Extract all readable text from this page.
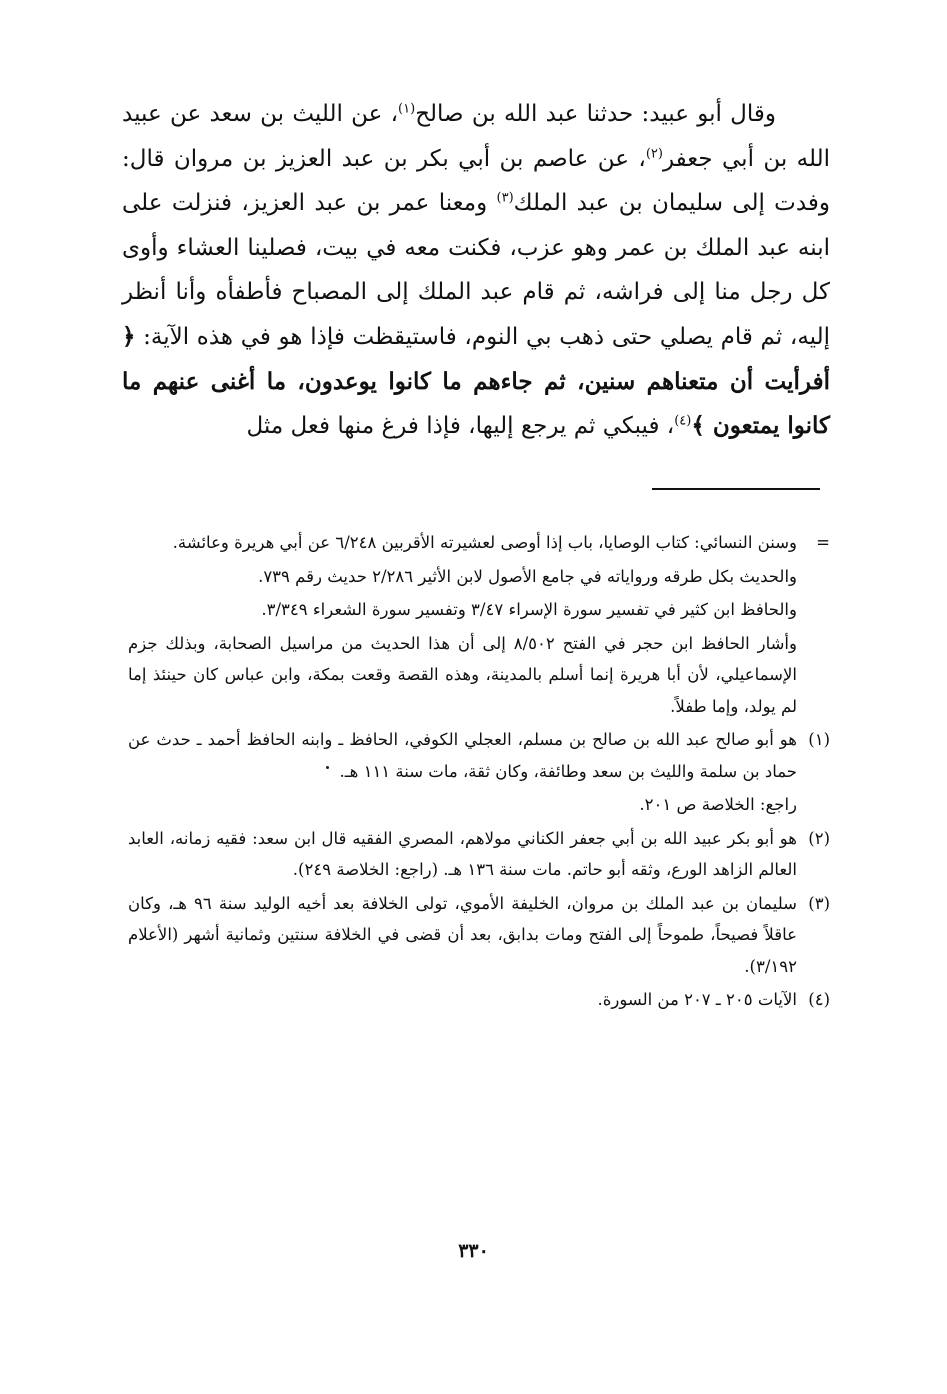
وقال أبو عبيد: حدثنا عبد الله بن صالح$^{(١)}$، عن الليث بن سعد عن عبيد الله بن أبي جعفر$^{(٢)}$، عن عاصم بن أبي بكر بن عبد العزيز بن مروان قال: وفدت إلى سليمان بن عبد الملك$^{(٣)}$ ومعنا عمر بن عبد العزيز، فنزلت على ابنه عبد الملك بن عمر وهو عزب، فكنت معه في بيت، فصلينا العشاء وأوى كل رجل منا إلى فراشه، ثم قام عبد الملك إلى المصباح فأطفأه وأنا أنظر إليه، ثم قام يصلي حتى ذهب بي النوم، فاستيقظت فإذا هو في هذه الآية: ﴿ أفرأيت أن متعناهم سنين، ثم جاءهم ما كانوا يوعدون، ما أغنى عنهم ما كانوا يمتعون ﴾$^{(٤)}$، فيبكي ثم يرجع إليها، فإذا فرغ منها فعل مثل

=
وسنن النسائي: كتاب الوصايا، باب إذا أوصى لعشيرته الأقربين ٦/٢٤٨ عن أبي هريرة وعائشة.
والحديث بكل طرقه ورواياته في جامع الأصول لابن الأثير ٢/٢٨٦ حديث رقم ٧٣٩.
والحافظ ابن كثير في تفسير سورة الإسراء ٣/٤٧ وتفسير سورة الشعراء ٣/٣٤٩.
وأشار الحافظ ابن حجر في الفتح ٨/٥٠٢ إلى أن هذا الحديث من مراسيل الصحابة، وبذلك جزم الإسماعيلي، لأن أبا هريرة إنما أسلم بالمدينة، وهذه القصة وقعت بمكة، وابن عباس كان حينئذ إما لم يولد، وإما طفلاً.
(١)
هو أبو صالح عبد الله بن صالح بن مسلم، العجلي الكوفي، الحافظ ـ وابنه الحافظ أحمد ـ حدث عن حماد بن سلمة والليث بن سعد وطائفة، وكان ثقة، مات سنة ١١١ هـ.
راجع: الخلاصة ص ٢٠١.
(٢)
هو أبو بكر عبيد الله بن أبي جعفر الكناني مولاهم، المصري الفقيه قال ابن سعد: فقيه زمانه، العابد العالم الزاهد الورع، وثقه أبو حاتم. مات سنة ١٣٦ هـ. (راجع: الخلاصة ٢٤٩).
(٣)
سليمان بن عبد الملك بن مروان، الخليفة الأموي، تولى الخلافة بعد أخيه الوليد سنة ٩٦ هـ، وكان عاقلاً فصيحاً، طموحاً إلى الفتح ومات بدابق، بعد أن قضى في الخلافة سنتين وثمانية أشهر (الأعلام ٣/١٩٢).
(٤)
الآيات ٢٠٥ ـ ٢٠٧ من السورة.
٣٣٠
